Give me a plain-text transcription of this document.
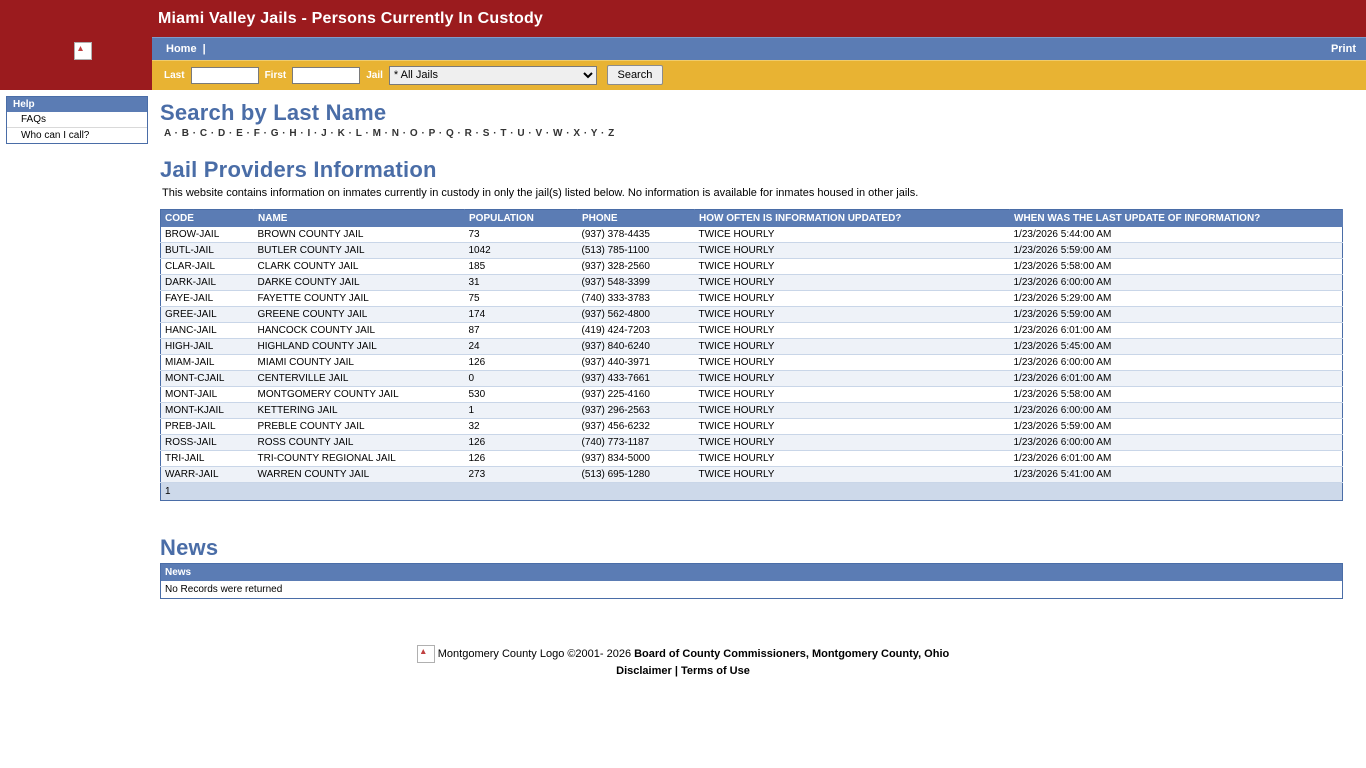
Miami Valley Jails - Persons Currently In Custody
Home |	Print
Last	First	Jail
* All Jails	Search
Help
FAQs
Who can I call?
Search by Last Name
A · B · C · D · E · F · G · H · I · J · K · L · M · N · O · P · Q · R · S · T · U · V · W · X · Y · Z
Jail Providers Information
This website contains information on inmates currently in custody in only the jail(s) listed below. No information is available for inmates housed in other jails.
CODE	NAME	POPULATION	PHONE	HOW OFTEN IS INFORMATION UPDATED?	WHEN WAS THE LAST UPDATE OF INFORMATION?
BROW-JAIL	BROWN COUNTY JAIL	73	(937) 378-4435	TWICE HOURLY	1/23/2026 5:44:00 AM
BUTL-JAIL	BUTLER COUNTY JAIL	1042	(513) 785-1100	TWICE HOURLY	1/23/2026 5:59:00 AM
CLAR-JAIL	CLARK COUNTY JAIL	185	(937) 328-2560	TWICE HOURLY	1/23/2026 5:58:00 AM
DARK-JAIL	DARKE COUNTY JAIL	31	(937) 548-3399	TWICE HOURLY	1/23/2026 6:00:00 AM
FAYE-JAIL	FAYETTE COUNTY JAIL	75	(740) 333-3783	TWICE HOURLY	1/23/2026 5:29:00 AM
GREE-JAIL	GREENE COUNTY JAIL	174	(937) 562-4800	TWICE HOURLY	1/23/2026 5:59:00 AM
HANC-JAIL	HANCOCK COUNTY JAIL	87	(419) 424-7203	TWICE HOURLY	1/23/2026 6:01:00 AM
HIGH-JAIL	HIGHLAND COUNTY JAIL	24	(937) 840-6240	TWICE HOURLY	1/23/2026 5:45:00 AM
MIAM-JAIL	MIAMI COUNTY JAIL	126	(937) 440-3971	TWICE HOURLY	1/23/2026 6:00:00 AM
MONT-CJAIL	CENTERVILLE JAIL	0	(937) 433-7661	TWICE HOURLY	1/23/2026 6:01:00 AM
MONT-JAIL	MONTGOMERY COUNTY JAIL	530	(937) 225-4160	TWICE HOURLY	1/23/2026 5:58:00 AM
MONT-KJAIL	KETTERING JAIL	1	(937) 296-2563	TWICE HOURLY	1/23/2026 6:00:00 AM
PREB-JAIL	PREBLE COUNTY JAIL	32	(937) 456-6232	TWICE HOURLY	1/23/2026 5:59:00 AM
ROSS-JAIL	ROSS COUNTY JAIL	126	(740) 773-1187	TWICE HOURLY	1/23/2026 6:00:00 AM
TRI-JAIL	TRI-COUNTY REGIONAL JAIL	126	(937) 834-5000	TWICE HOURLY	1/23/2026 6:01:00 AM
WARR-JAIL	WARREN COUNTY JAIL	273	(513) 695-1280	TWICE HOURLY	1/23/2026 5:41:00 AM
1					
News
News
No Records were returned
Montgomery County Logo ©2001- 2026 Board of County Commissioners, Montgomery County, Ohio
Disclaimer | Terms of Use
